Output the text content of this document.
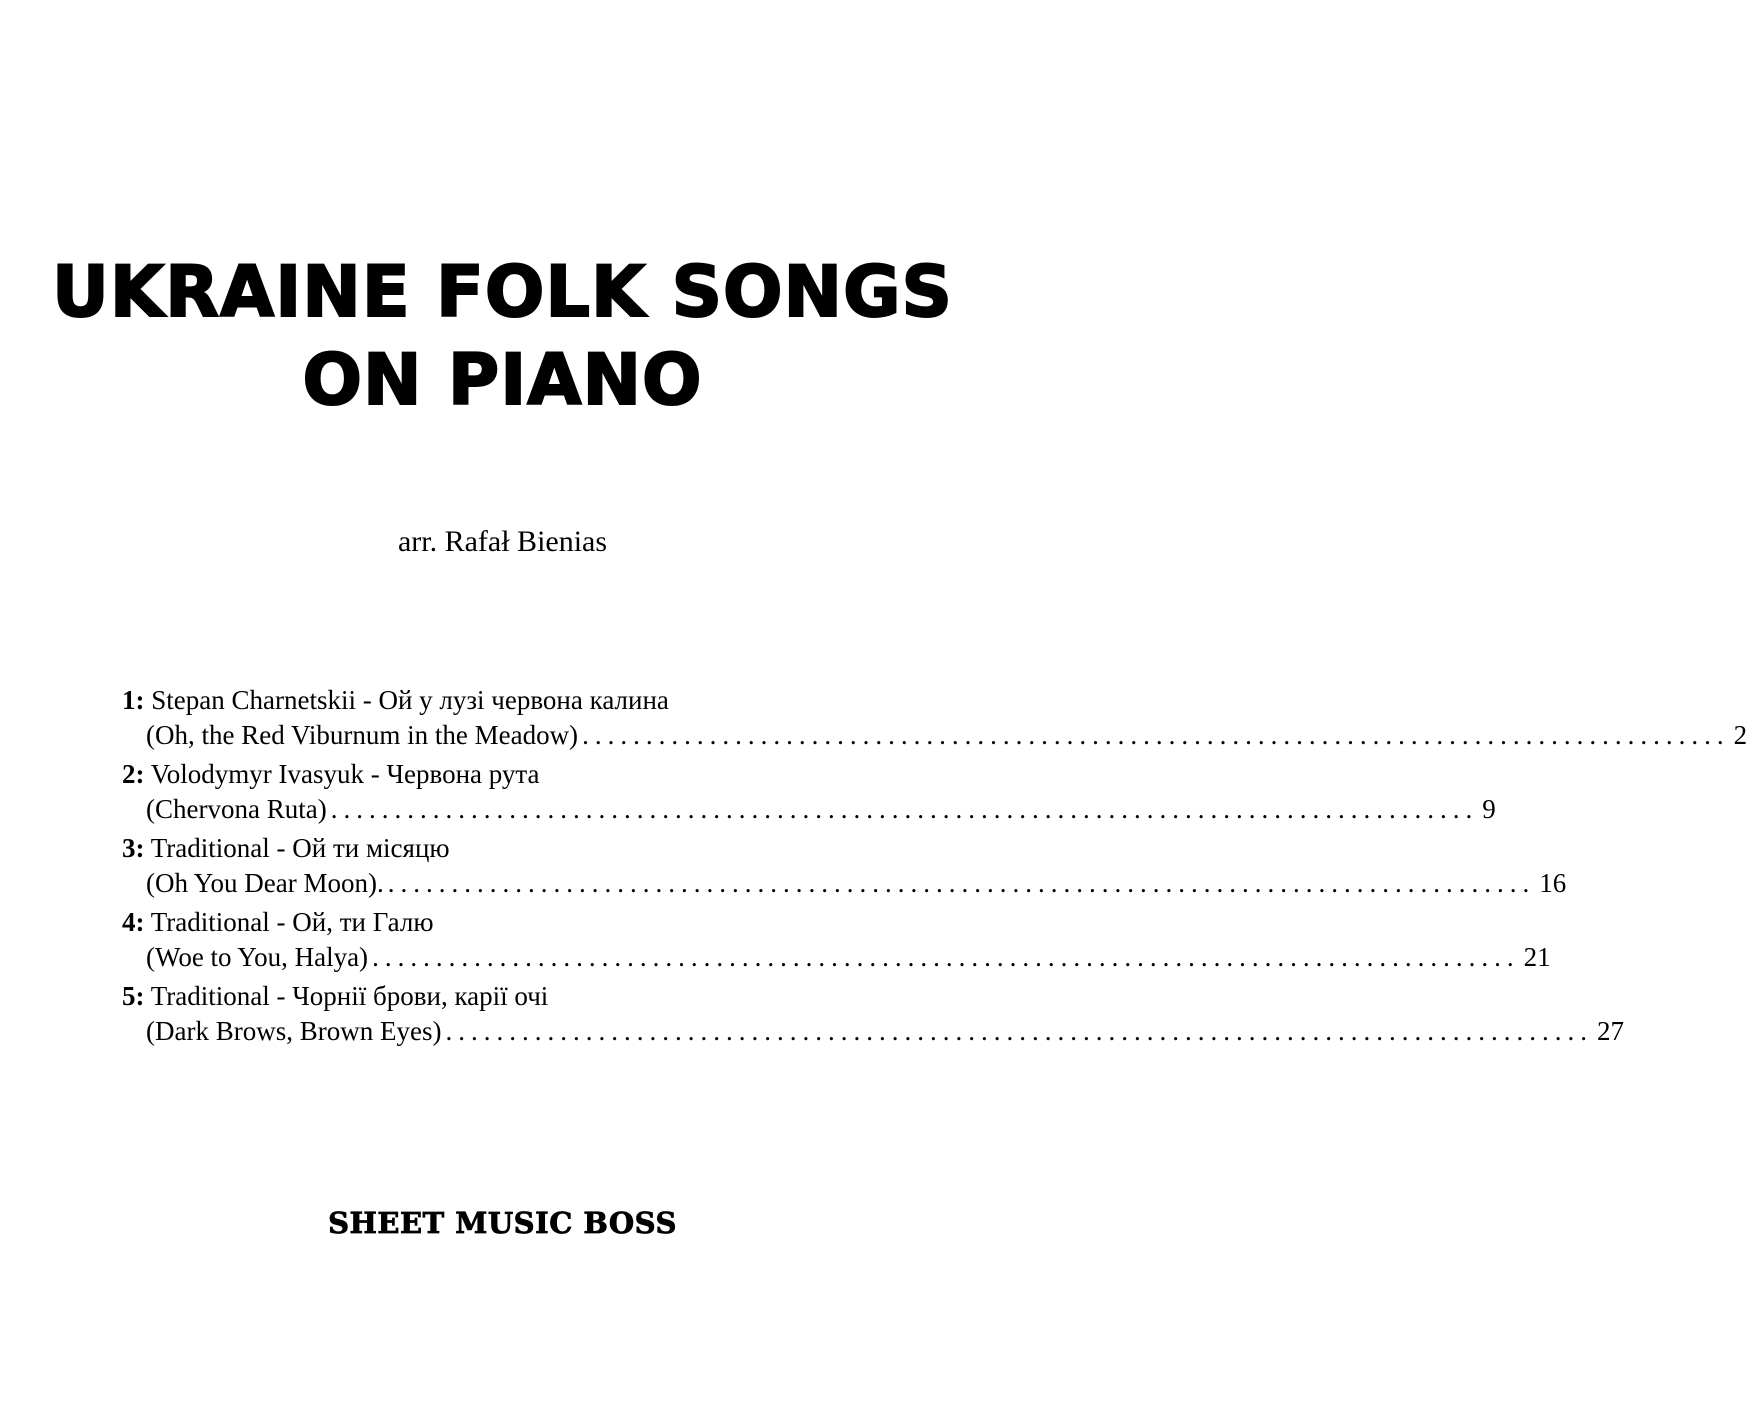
UKRAINE FOLK SONGS
ON PIANO
arr. Rafał Bienias
1: Stepan Charnetskii - Ой у лузі червона калина
(Oh, the Red Viburnum in the Meadow) .......................................................................................... 2
2: Volodymyr Ivasyuk - Червона рута
(Chervona Ruta) .......................................................................................... 9
3: Traditional - Ой ти місяцю
(Oh You Dear Moon). .......................................................................................... 16
4: Traditional - Ой, ти Галю
(Woe to You, Halya) .......................................................................................... 21
5: Traditional - Чорнії брови, карії очі
(Dark Brows, Brown Eyes) .......................................................................................... 27
SHEET MUSIC BOSS
